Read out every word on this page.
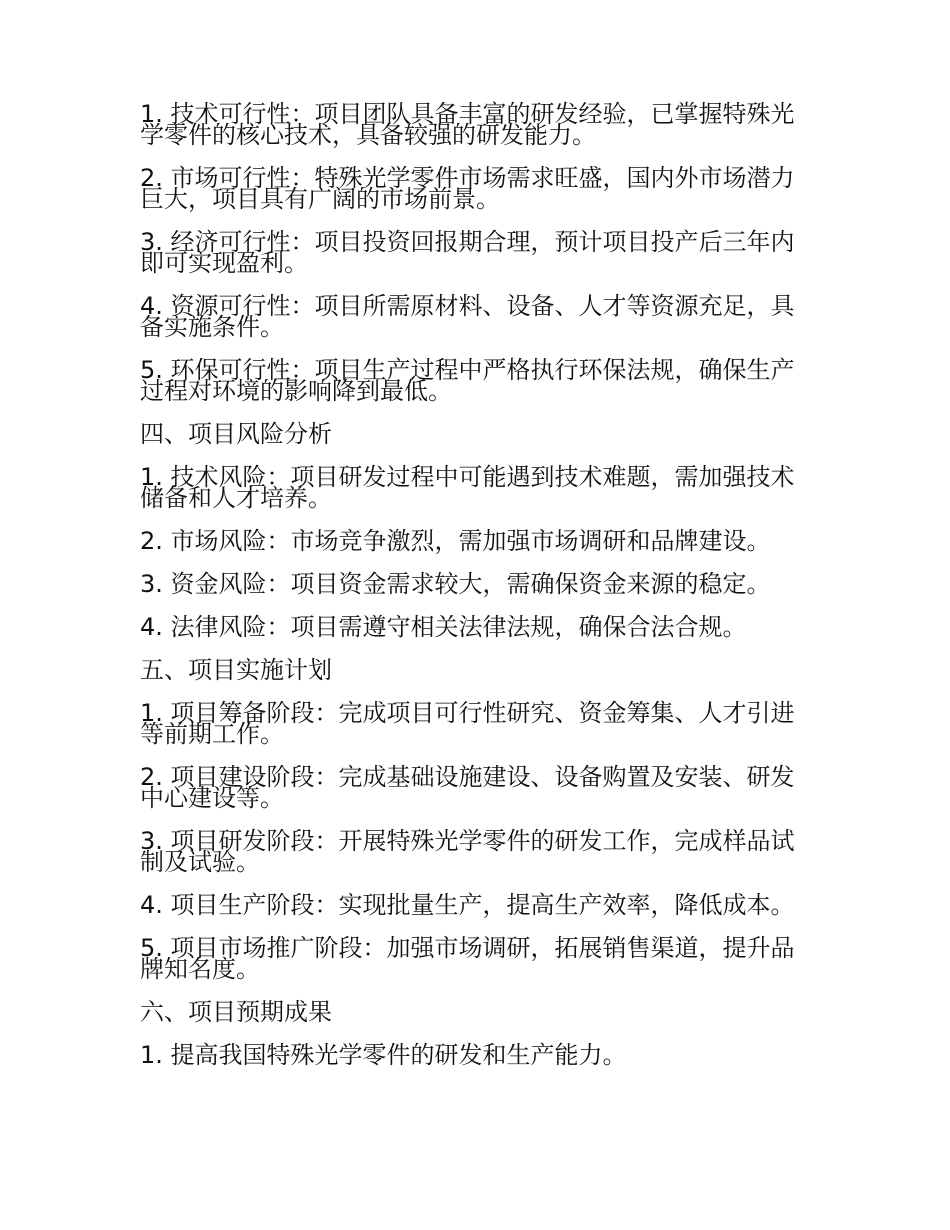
1. 技术可行性：项目团队具备丰富的研发经验，已掌握特殊光学零件的核心技术，具备较强的研发能力。

2. 市场可行性：特殊光学零件市场需求旺盛，国内外市场潜力巨大，项目具有广阔的市场前景。

3. 经济可行性：项目投资回报期合理，预计项目投产后三年内即可实现盈利。

4. 资源可行性：项目所需原材料、设备、人才等资源充足，具备实施条件。

5. 环保可行性：项目生产过程中严格执行环保法规，确保生产过程对环境的影响降到最低。

四、项目风险分析

1. 技术风险：项目研发过程中可能遇到技术难题，需加强技术储备和人才培养。

2. 市场风险：市场竞争激烈，需加强市场调研和品牌建设。

3. 资金风险：项目资金需求较大，需确保资金来源的稳定。

4. 法律风险：项目需遵守相关法律法规，确保合法合规。

五、项目实施计划

1. 项目筹备阶段：完成项目可行性研究、资金筹集、人才引进等前期工作。

2. 项目建设阶段：完成基础设施建设、设备购置及安装、研发中心建设等。

3. 项目研发阶段：开展特殊光学零件的研发工作，完成样品试制及试验。

4. 项目生产阶段：实现批量生产，提高生产效率，降低成本。

5. 项目市场推广阶段：加强市场调研，拓展销售渠道，提升品牌知名度。

六、项目预期成果

1. 提高我国特殊光学零件的研发和生产能力。
